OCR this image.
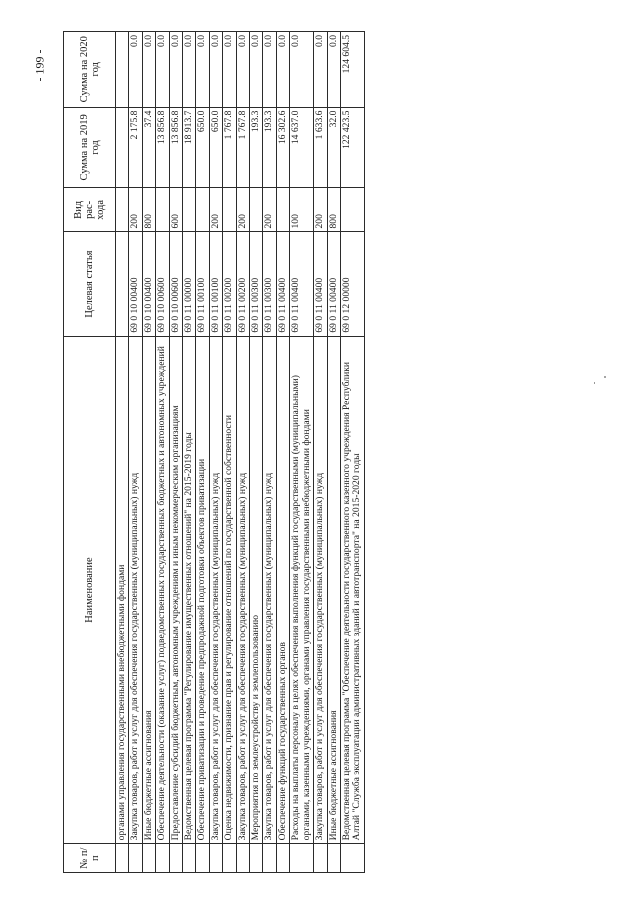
- 199 -
№ п/п	Наименование	Целевая статья	Вид рас-хода	Сумма на 2019 год	Сумма на 2020 год
	органами управления государственными внебюджетными фондами				
	Закупка товаров, работ и услуг для обеспечения государственных (муниципальных) нужд	69 0 10 00400	200	2 175.8	0.0
	Иные бюджетные ассигнования	69 0 10 00400	800	37.4	0.0
	Обеспечение деятельности (оказание услуг) подведомственных государственных бюджетных и автономных учреждений	69 0 10 00600		13 856.8	0.0
	Предоставление субсидий бюджетным, автономным учреждениям и иным некоммерческим организациям	69 0 10 00600	600	13 856.8	0.0
	Ведомственная целевая программа "Регулирование имущественных отношений" на 2015-2019 годы	69 0 11 00000		18 913.7	0.0
	Обеспечение приватизации и проведение предпродажной подготовки объектов приватизации	69 0 11 00100		650.0	0.0
	Закупка товаров, работ и услуг для обеспечения государственных (муниципальных) нужд	69 0 11 00100	200	650.0	0.0
	Оценка недвижимости, признание прав и регулирование отношений по государственной собственности	69 0 11 00200		1 767.8	0.0
	Закупка товаров, работ и услуг для обеспечения государственных (муниципальных) нужд	69 0 11 00200	200	1 767.8	0.0
	Мероприятия по землеустройству и землепользованию	69 0 11 00300		193.3	0.0
	Закупка товаров, работ и услуг для обеспечения государственных (муниципальных) нужд	69 0 11 00300	200	193.3	0.0
	Обеспечение функций государственных органов	69 0 11 00400		16 302.6	0.0
	Расходы на выплаты персоналу в целях обеспечения выполнения функций государственными (муниципальными) органами, казенными учреждениями, органами управления государственными внебюджетными фондами	69 0 11 00400	100	14 637.0	0.0
	Закупка товаров, работ и услуг для обеспечения государственных (муниципальных) нужд	69 0 11 00400	200	1 633.6	0.0
	Иные бюджетные ассигнования	69 0 11 00400	800	32.0	0.0
	Ведомственная целевая программа "Обеспечение деятельности государственного казенного учреждения Республики Алтай "Служба эксплуатации административных зданий и автотранспорта" на 2015-2020 годы	69 0 12 00000		122 423.5	124 604.5
